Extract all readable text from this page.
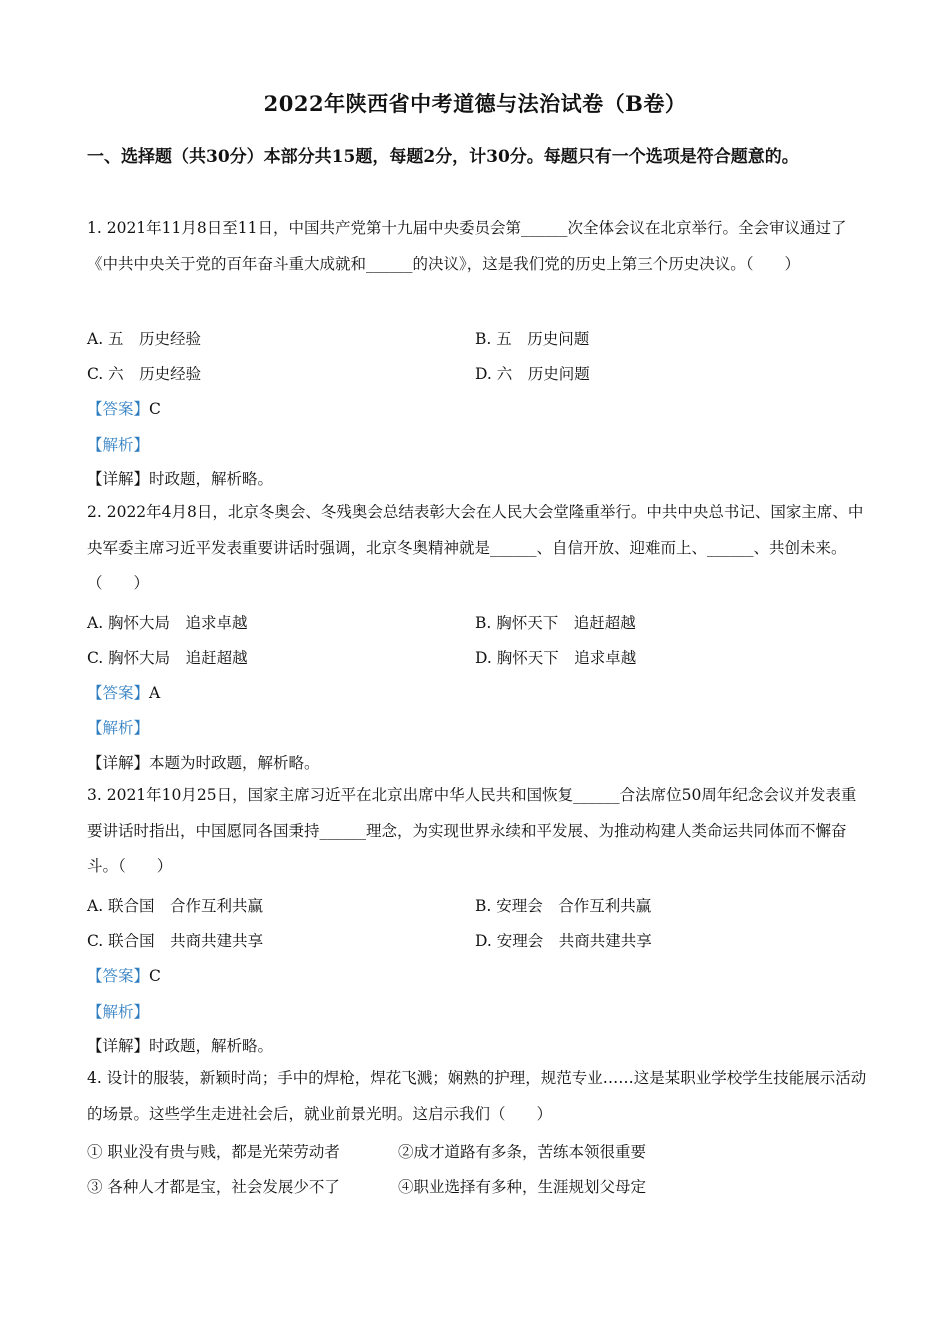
2022年陕西省中考道德与法治试卷（B卷）
一、选择题（共30分）本部分共15题，每题2分，计30分。每题只有一个选项是符合题意的。
1. 2021年11月8日至11日，中国共产党第十九届中央委员会第______次全体会议在北京举行。全会审议通过了《中共中央关于党的百年奋斗重大成就和______的决议》，这是我们党的历史上第三个历史决议。（　　）
A. 五　历史经验	B. 五　历史问题
C. 六　历史经验	D. 六　历史问题
【答案】C
【解析】
【详解】时政题，解析略。
2. 2022年4月8日，北京冬奥会、冬残奥会总结表彰大会在人民大会堂隆重举行。中共中央总书记、国家主席、中央军委主席习近平发表重要讲话时强调，北京冬奥精神就是______、自信开放、迎难而上、______、共创未来。（　　）
A. 胸怀大局　追求卓越	B. 胸怀天下　追赶超越
C. 胸怀大局　追赶超越	D. 胸怀天下　追求卓越
【答案】A
【解析】
【详解】本题为时政题，解析略。
3. 2021年10月25日，国家主席习近平在北京出席中华人民共和国恢复______合法席位50周年纪念会议并发表重要讲话时指出，中国愿同各国秉持______理念，为实现世界永续和平发展、为推动构建人类命运共同体而不懈奋斗。（　　）
A. 联合国　合作互利共赢	B. 安理会　合作互利共赢
C. 联合国　共商共建共享	D. 安理会　共商共建共享
【答案】C
【解析】
【详解】时政题，解析略。
4. 设计的服装，新颖时尚；手中的焊枪，焊花飞溅；娴熟的护理，规范专业……这是某职业学校学生技能展示活动的场景。这些学生走进社会后，就业前景光明。这启示我们（　　）
① 职业没有贵与贱，都是光荣劳动者	②成才道路有多条，苦练本领很重要
③ 各种人才都是宝，社会发展少不了	④职业选择有多种，生涯规划父母定
